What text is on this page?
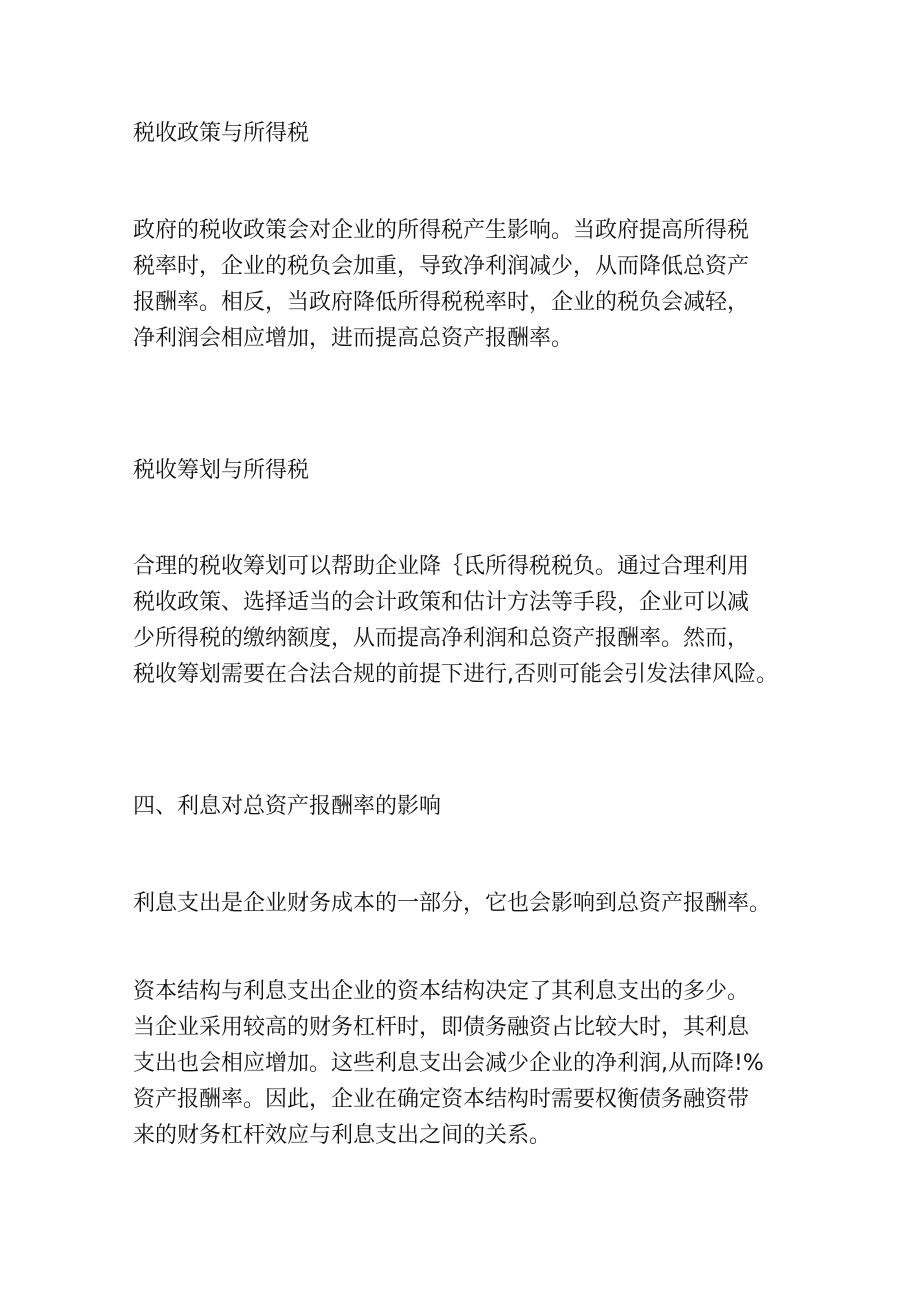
税收政策与所得税
政府的税收政策会对企业的所得税产生影响。当政府提高所得税
税率时，企业的税负会加重，导致净利润减少，从而降低总资产
报酬率。相反，当政府降低所得税税率时，企业的税负会减轻，
净利润会相应增加，进而提高总资产报酬率。
税收筹划与所得税
合理的税收筹划可以帮助企业降｛氐所得税税负。通过合理利用
税收政策、选择适当的会计政策和估计方法等手段，企业可以减
少所得税的缴纳额度，从而提高净利润和总资产报酬率。然而，
税收筹划需要在合法合规的前提下进行,否则可能会引发法律风险。
四、利息对总资产报酬率的影响
利息支出是企业财务成本的一部分，它也会影响到总资产报酬率。
资本结构与利息支出企业的资本结构决定了其利息支出的多少。
当企业采用较高的财务杠杆时，即债务融资占比较大时，其利息
支出也会相应增加。这些利息支出会减少企业的净利润,从而降!%
资产报酬率。因此，企业在确定资本结构时需要权衡债务融资带
来的财务杠杆效应与利息支出之间的关系。
